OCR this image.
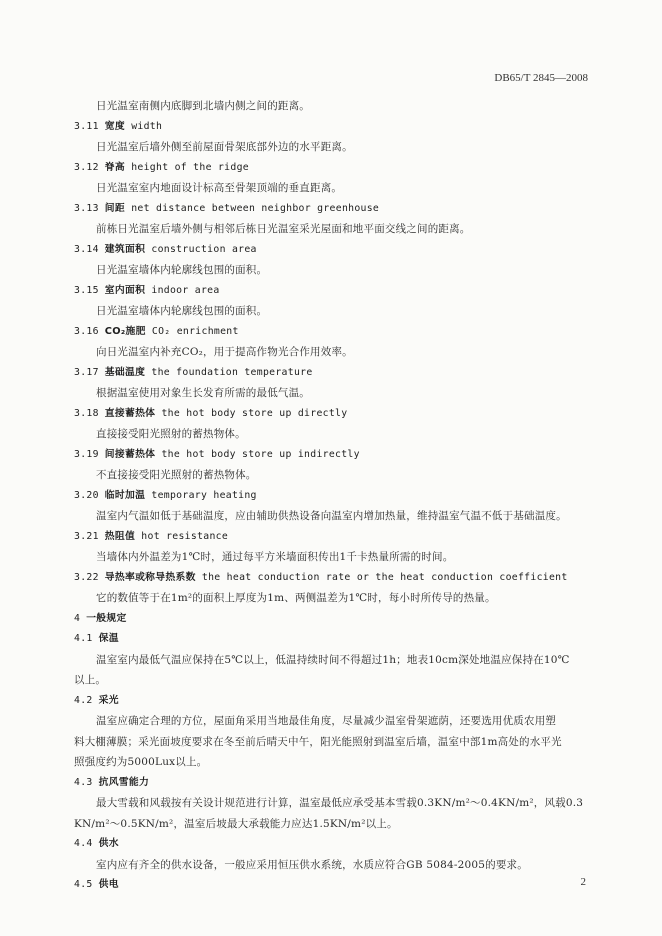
DB65/T 2845—2008
日光温室南侧内底脚到北墙内侧之间的距离。
3.11 宽度 width
日光温室后墙外侧至前屋面骨架底部外边的水平距离。
3.12 脊高 height of the ridge
日光温室室内地面设计标高至骨架顶端的垂直距离。
3.13 间距 net distance between neighbor greenhouse
前栋日光温室后墙外侧与相邻后栋日光温室采光屋面和地平面交线之间的距离。
3.14 建筑面积 construction area
日光温室墙体内轮廓线包围的面积。
3.15 室内面积 indoor area
日光温室墙体内轮廓线包围的面积。
3.16 CO₂施肥 CO₂ enrichment
向日光温室内补充CO₂，用于提高作物光合作用效率。
3.17 基础温度 the foundation temperature
根据温室使用对象生长发育所需的最低气温。
3.18 直接蓄热体 the hot body store up directly
直接接受阳光照射的蓄热物体。
3.19 间接蓄热体 the hot body store up indirectly
不直接接受阳光照射的蓄热物体。
3.20 临时加温 temporary heating
温室内气温如低于基础温度，应由辅助供热设备向温室内增加热量，维持温室气温不低于基础温度。
3.21 热阻值 hot resistance
当墙体内外温差为1℃时，通过每平方米墙面积传出1千卡热量所需的时间。
3.22 导热率或称导热系数 the heat conduction rate or the heat conduction coefficient
它的数值等于在1m²的面积上厚度为1m、两侧温差为1℃时，每小时所传导的热量。
4 一般规定
4.1 保温
温室室内最低气温应保持在5℃以上，低温持续时间不得超过1h；地表10cm深处地温应保持在10℃
以上。
4.2 采光
温室应确定合理的方位，屋面角采用当地最佳角度，尽量减少温室骨架遮荫，还要选用优质农用塑
料大棚薄膜；采光面坡度要求在冬至前后晴天中午，阳光能照射到温室后墙，温室中部1m高处的水平光
照强度约为5000Lux以上。
4.3 抗风雪能力
最大雪载和风载按有关设计规范进行计算，温室最低应承受基本雪载0.3KN/m²～0.4KN/m²，风载0.3
KN/m²～0.5KN/m²，温室后坡最大承载能力应达1.5KN/m²以上。
4.4 供水
室内应有齐全的供水设备，一般应采用恒压供水系统，水质应符合GB 5084-2005的要求。
4.5 供电	2
